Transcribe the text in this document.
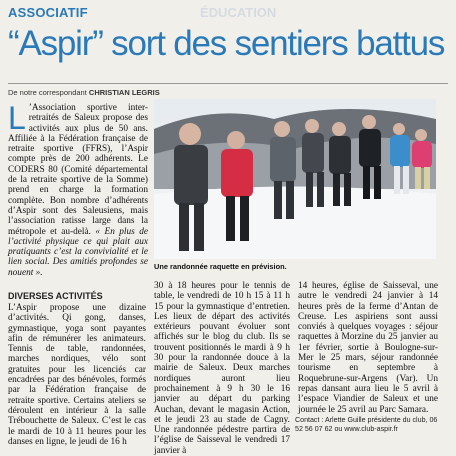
ASSOCIATIF	ÉDUCATION
“Aspir” sort des sentiers battus
De notre correspondant CHRISTIAN LEGRIS

L ’Association sportive inter-retraités de Saleux propose des activités aux plus de 50 ans. Affiliée à la Fédération française de retraite sportive (FFRS), l’Aspir compte près de 200 adhérents. Le CODERS 80 (Comité départemental de la retraite sportive de la Somme) prend en charge la formation complète. Bon nombre d’adhérents d’Aspir sont des Saleusiens, mais l’association ratisse large dans la métropole et au-delà. « En plus de l’activité physique ce qui plait aux pratiquants c’est la convivialité et le lien social. Des amitiés profondes se nouent ».

Une randonnée raquette en prévision.
DIVERSES ACTIVITÉS

L’Aspir propose une dizaine d’activités. Qi gong, danses, gymnastique, yoga sont payantes afin de rémunérer les animateurs. Tennis de table, randonnées, marches nordiques, vélo sont gratuites pour les licenciés car encadrées par des bénévoles, formés par la Fédération française de retraite sportive. Certains ateliers se déroulent en intérieur à la salle Trébouchette de Saleux. C’est le cas le mardi de 10 à 11 heures pour les danses en ligne, le jeudi de 16 h

30 à 18 heures pour le tennis de table, le vendredi de 10 h 15 à 11 h 15 pour la gymnastique d’entretien. Les lieux de départ des activités extérieurs pouvant évoluer sont affichés sur le blog du club. Ils se trouvent positionnés le mardi à 9 h 30 pour la randonnée douce à la mairie de Saleux. Deux marches nordiques auront lieu prochainement à 9 h 30 le 16 janvier au départ du parking Auchan, devant le magasin Action, et le jeudi 23 au stade de Cagny. Une randonnée pédestre partira de l’église de Saisseval le vendredi 17 janvier à

14 heures, église de Saisseval, une autre le vendredi 24 janvier à 14 heures près de la ferme d’Antan de Creuse. Les aspiriens sont aussi conviés à quelques voyages : séjour raquettes à Morzine du 25 janvier au 1er février, sortie à Boulogne-sur-Mer le 25 mars, séjour randonnée tourisme en septembre à Roquebrune-sur-Argens (Var). Un repas dansant aura lieu le 5 avril à l’espace Viandier de Saleux et une journée le 25 avril au Parc Samara.

Contact : Arlette Guille présidente du club, 06 52 56 07 62 ou www.club-aspir.fr
